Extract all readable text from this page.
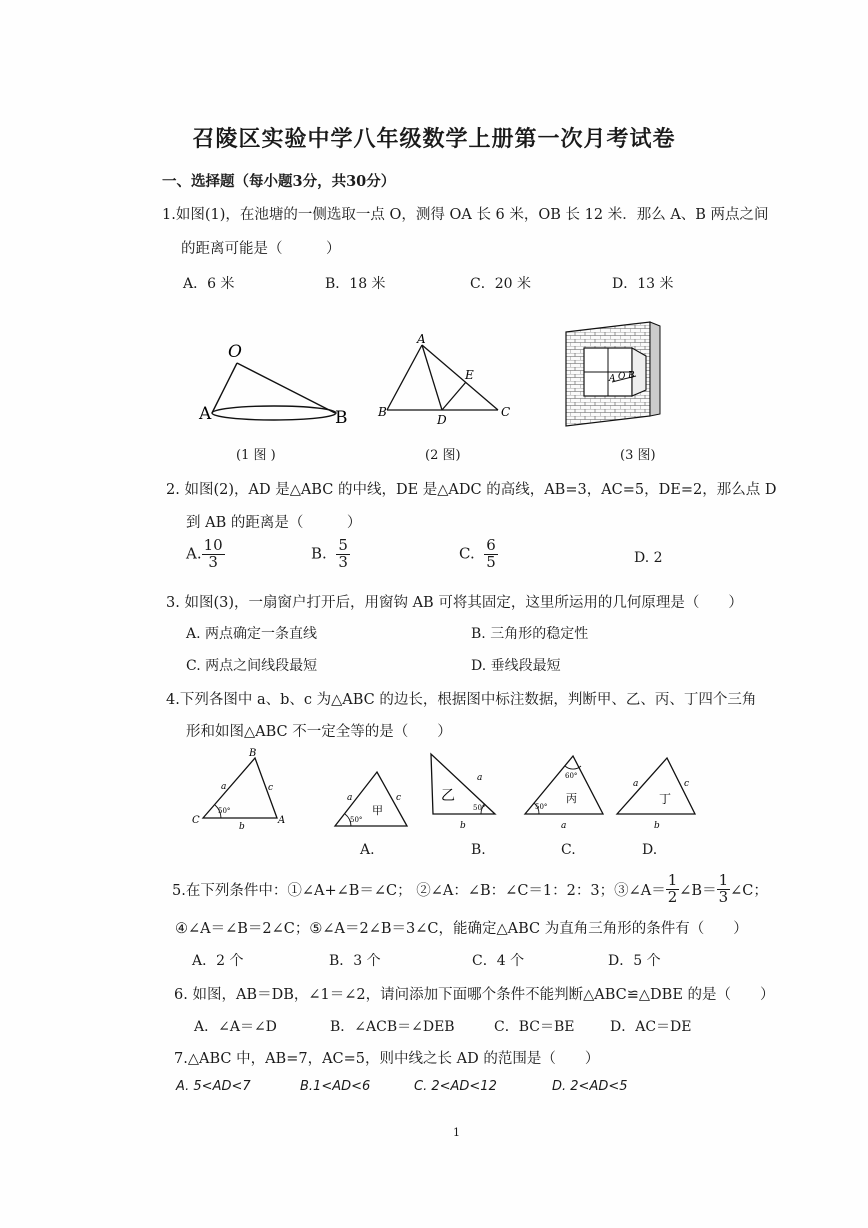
召陵区实验中学八年级数学上册第一次月考试卷
一、选择题（每小题3分，共30分）
1.如图(1)，在池塘的一侧选取一点 O，测得 OA 长 6 米，OB 长 12 米．那么 A、B 两点之间
的距离可能是（　　　）
A．6 米	B．18 米	C．20 米	D．13 米
O
A	B
(1 图 )
A
B	C
D
E
(2 图)
A O B
(3 图)
2. 如图(2)，AD 是△ABC 的中线，DE 是△ADC 的高线，AB=3，AC=5，DE=2，那么点 D
到 AB 的距离是（　　　）
A. $\frac{10}{3}$	B. $\frac{5}{3}$	C. $\frac{6}{5}$	D. 2
3. 如图(3)，一扇窗户打开后，用窗钩 AB 可将其固定，这里所运用的几何原理是（　　）
A. 两点确定一条直线	B. 三角形的稳定性
C. 两点之间线段最短	D. 垂线段最短
4.下列各图中 a、b、c 为△ABC 的边长，根据图中标注数据，判断甲、乙、丙、丁四个三角
形和如图△ABC 不一定全等的是（　　）
B
C	A
a	c
b
50°
a	c
甲
50°
a
b
乙
50°
60°
50°
丙
a
a	c
b
丁
A.	B.	C.	D.
5.在下列条件中：①∠A+∠B＝∠C； ②∠A：∠B：∠C＝1：2：3；③∠A＝ $\frac{1}{2}$ ∠B＝ $\frac{1}{3}$ ∠C；
④∠A＝∠B＝2∠C；⑤∠A＝2∠B＝3∠C，能确定△ABC 为直角三角形的条件有（　　）
A．2 个	B．3 个	C．4 个	D．5 个
6. 如图，AB＝DB，∠1＝∠2，请问添加下面哪个条件不能判断△ABC≌△DBE 的是（　　）
A．∠A＝∠D	B．∠ACB＝∠DEB	C．BC＝BE	D．AC＝DE
7.△ABC 中，AB=7，AC=5，则中线之长 AD 的范围是（　　）
A. 5<AD<7	B.1<AD<6	C. 2<AD<12	D. 2<AD<5
1
